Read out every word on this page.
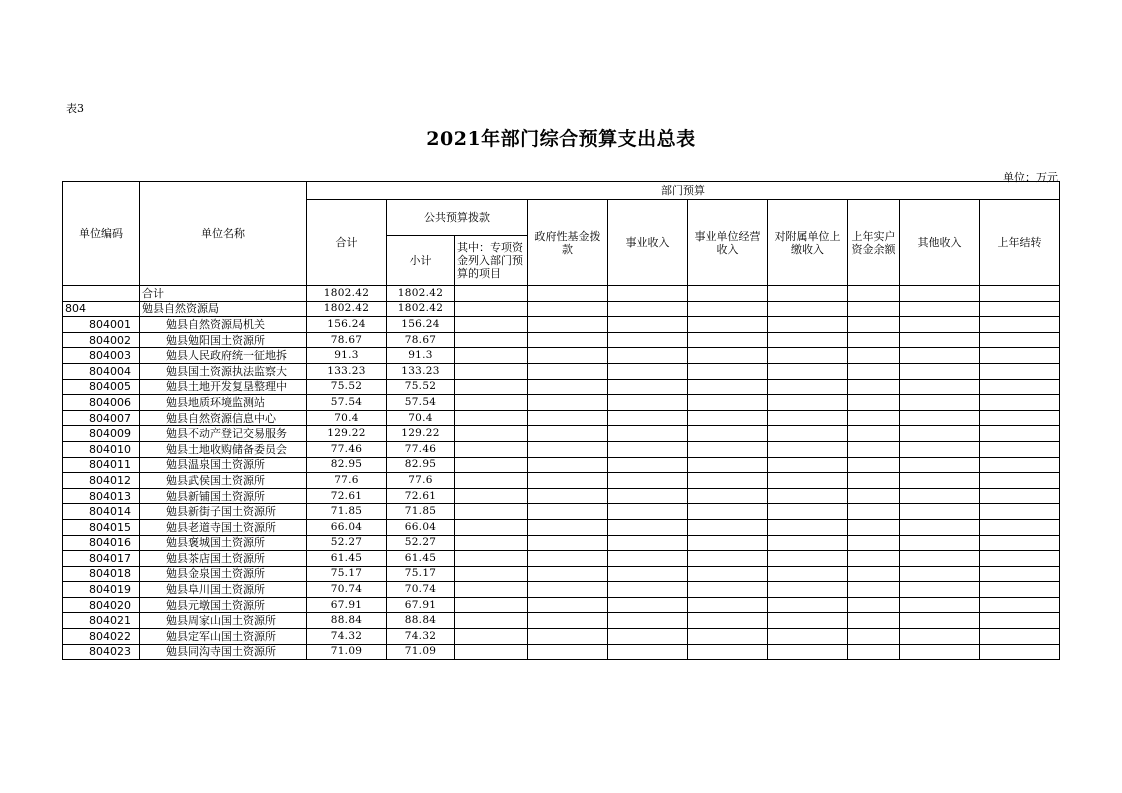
表3
2021年部门综合预算支出总表
单位：万元
单位编码	单位名称	部门预算									
		合计	公共预算拨款		政府性基金拨款	事业收入	事业单位经营收入	对附属单位上缴收入	上年实户资金余额	其他收入	上年结转
			小计	其中：专项资金列入部门预算的项目							
	合计	1802.42	1802.42								
804	勉县自然资源局	1802.42	1802.42								
804001	勉县自然资源局机关	156.24	156.24								
804002	勉县勉阳国土资源所	78.67	78.67								
804003	勉县人民政府统一征地拆	91.3	91.3								
804004	勉县国土资源执法监察大	133.23	133.23								
804005	勉县土地开发复垦整理中	75.52	75.52								
804006	勉县地质环境监测站	57.54	57.54								
804007	勉县自然资源信息中心	70.4	70.4								
804009	勉县不动产登记交易服务	129.22	129.22								
804010	勉县土地收购储备委员会	77.46	77.46								
804011	勉县温泉国土资源所	82.95	82.95								
804012	勉县武侯国土资源所	77.6	77.6								
804013	勉县新铺国土资源所	72.61	72.61								
804014	勉县新街子国土资源所	71.85	71.85								
804015	勉县老道寺国土资源所	66.04	66.04								
804016	勉县褒城国土资源所	52.27	52.27								
804017	勉县茶店国土资源所	61.45	61.45								
804018	勉县金泉国土资源所	75.17	75.17								
804019	勉县阜川国土资源所	70.74	70.74								
804020	勉县元墩国土资源所	67.91	67.91								
804021	勉县周家山国土资源所	88.84	88.84								
804022	勉县定军山国土资源所	74.32	74.32								
804023	勉县同沟寺国土资源所	71.09	71.09								
